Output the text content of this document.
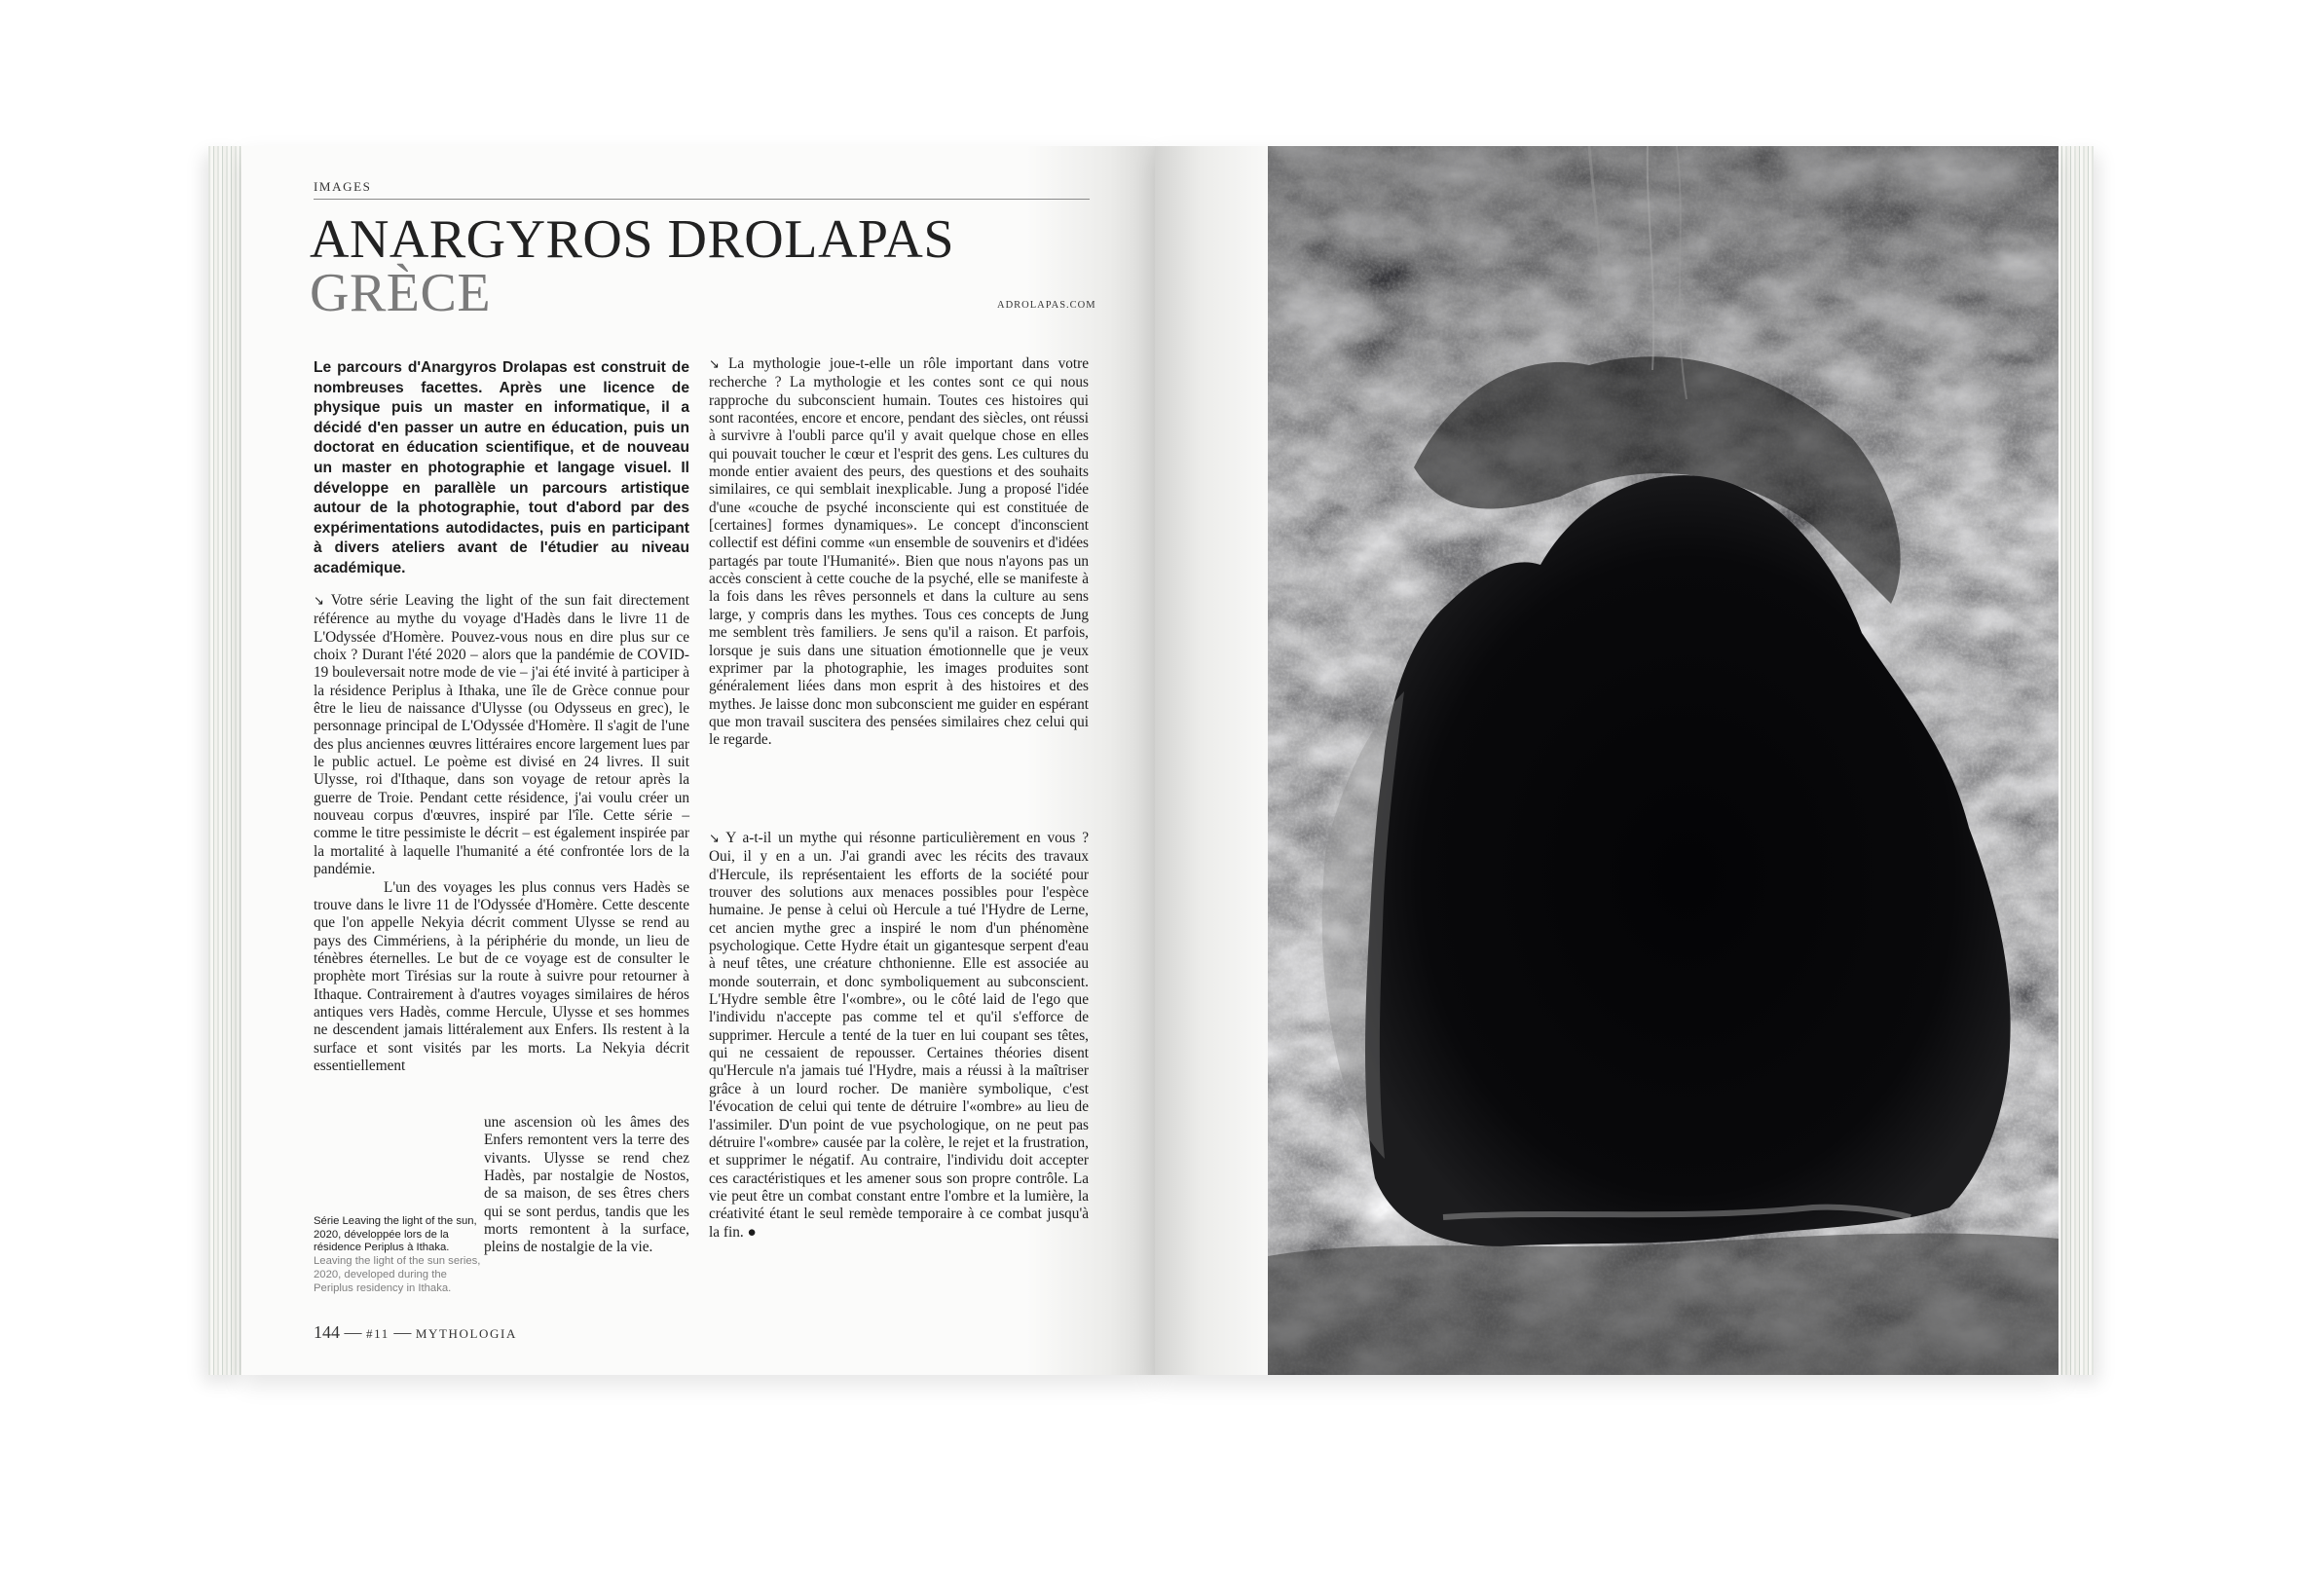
IMAGES
ANARGYROS DROLAPAS
GRÈCE	ADROLAPAS.COM

Le parcours d'Anargyros Drolapas est construit de nombreuses facettes. Après une licence de physique puis un master en informatique, il a décidé d'en passer un autre en éducation, puis un doctorat en éducation scientifique, et de nouveau un master en photographie et langage visuel. Il développe en parallèle un parcours artistique autour de la photographie, tout d'abord par des expérimentations autodidactes, puis en participant à divers ateliers avant de l'étudier au niveau académique.

↘ Votre série Leaving the light of the sun fait directement référence au mythe du voyage d'Hadès dans le livre 11 de L'Odyssée d'Homère. Pouvez-vous nous en dire plus sur ce choix ? Durant l'été 2020 – alors que la pandémie de COVID-19 bouleversait notre mode de vie – j'ai été invité à participer à la résidence Periplus à Ithaka, une île de Grèce connue pour être le lieu de naissance d'Ulysse (ou Odysseus en grec), le personnage principal de L'Odyssée d'Homère. Il s'agit de l'une des plus anciennes œuvres littéraires encore largement lues par le public actuel. Le poème est divisé en 24 livres. Il suit Ulysse, roi d'Ithaque, dans son voyage de retour après la guerre de Troie. Pendant cette résidence, j'ai voulu créer un nouveau corpus d'œuvres, inspiré par l'île. Cette série – comme le titre pessimiste le décrit – est également inspirée par la mortalité à laquelle l'humanité a été confrontée lors de la pandémie.

L'un des voyages les plus connus vers Hadès se trouve dans le livre 11 de l'Odyssée d'Homère. Cette descente que l'on appelle Nekyia décrit comment Ulysse se rend au pays des Cimmériens, à la périphérie du monde, un lieu de ténèbres éternelles. Le but de ce voyage est de consulter le prophète mort Tirésias sur la route à suivre pour retourner à Ithaque. Contrairement à d'autres voyages similaires de héros antiques vers Hadès, comme Hercule, Ulysse et ses hommes ne descendent jamais littéralement aux Enfers. Ils restent à la surface et sont visités par les morts. La Nekyia décrit essentiellement

une ascension où les âmes des Enfers remontent vers la terre des vivants. Ulysse se rend chez Hadès, par nostalgie de Nostos, de sa maison, de ses êtres chers qui se sont perdus, tandis que les morts remontent à la surface, pleins de nostalgie de la vie.

Série Leaving the light of the sun, 2020, développée lors de la résidence Periplus à Ithaka.
Leaving the light of the sun series, 2020, developed during the Periplus residency in Ithaka.

↘ La mythologie joue-t-elle un rôle important dans votre recherche ? La mythologie et les contes sont ce qui nous rapproche du subconscient humain. Toutes ces histoires qui sont racontées, encore et encore, pendant des siècles, ont réussi à survivre à l'oubli parce qu'il y avait quelque chose en elles qui pouvait toucher le cœur et l'esprit des gens. Les cultures du monde entier avaient des peurs, des questions et des souhaits similaires, ce qui semblait inexplicable. Jung a proposé l'idée d'une «couche de psyché inconsciente qui est constituée de [certaines] formes dynamiques». Le concept d'inconscient collectif est défini comme «un ensemble de souvenirs et d'idées partagés par toute l'Humanité». Bien que nous n'ayons pas un accès conscient à cette couche de la psyché, elle se manifeste à la fois dans les rêves personnels et dans la culture au sens large, y compris dans les mythes. Tous ces concepts de Jung me semblent très familiers. Je sens qu'il a raison. Et parfois, lorsque je suis dans une situation émotionnelle que je veux exprimer par la photographie, les images produites sont généralement liées dans mon esprit à des histoires et des mythes. Je laisse donc mon subconscient me guider en espérant que mon travail suscitera des pensées similaires chez celui qui le regarde.

↘ Y a-t-il un mythe qui résonne particulièrement en vous ? Oui, il y en a un. J'ai grandi avec les récits des travaux d'Hercule, ils représentaient les efforts de la société pour trouver des solutions aux menaces possibles pour l'espèce humaine. Je pense à celui où Hercule a tué l'Hydre de Lerne, cet ancien mythe grec a inspiré le nom d'un phénomène psychologique. Cette Hydre était un gigantesque serpent d'eau à neuf têtes, une créature chthonienne. Elle est associée au monde souterrain, et donc symboliquement au subconscient. L'Hydre semble être l'«ombre», ou le côté laid de l'ego que l'individu n'accepte pas comme tel et qu'il s'efforce de supprimer. Hercule a tenté de la tuer en lui coupant ses têtes, qui ne cessaient de repousser. Certaines théories disent qu'Hercule n'a jamais tué l'Hydre, mais a réussi à la maîtriser grâce à un lourd rocher. De manière symbolique, c'est l'évocation de celui qui tente de détruire l'«ombre» au lieu de l'assimiler. D'un point de vue psychologique, on ne peut pas détruire l'«ombre» causée par la colère, le rejet et la frustration, et supprimer le négatif. Au contraire, l'individu doit accepter ces caractéristiques et les amener sous son propre contrôle. La vie peut être un combat constant entre l'ombre et la lumière, la créativité étant le seul remède temporaire à ce combat jusqu'à la fin. ●

144 — #11 — MYTHOLOGIA
